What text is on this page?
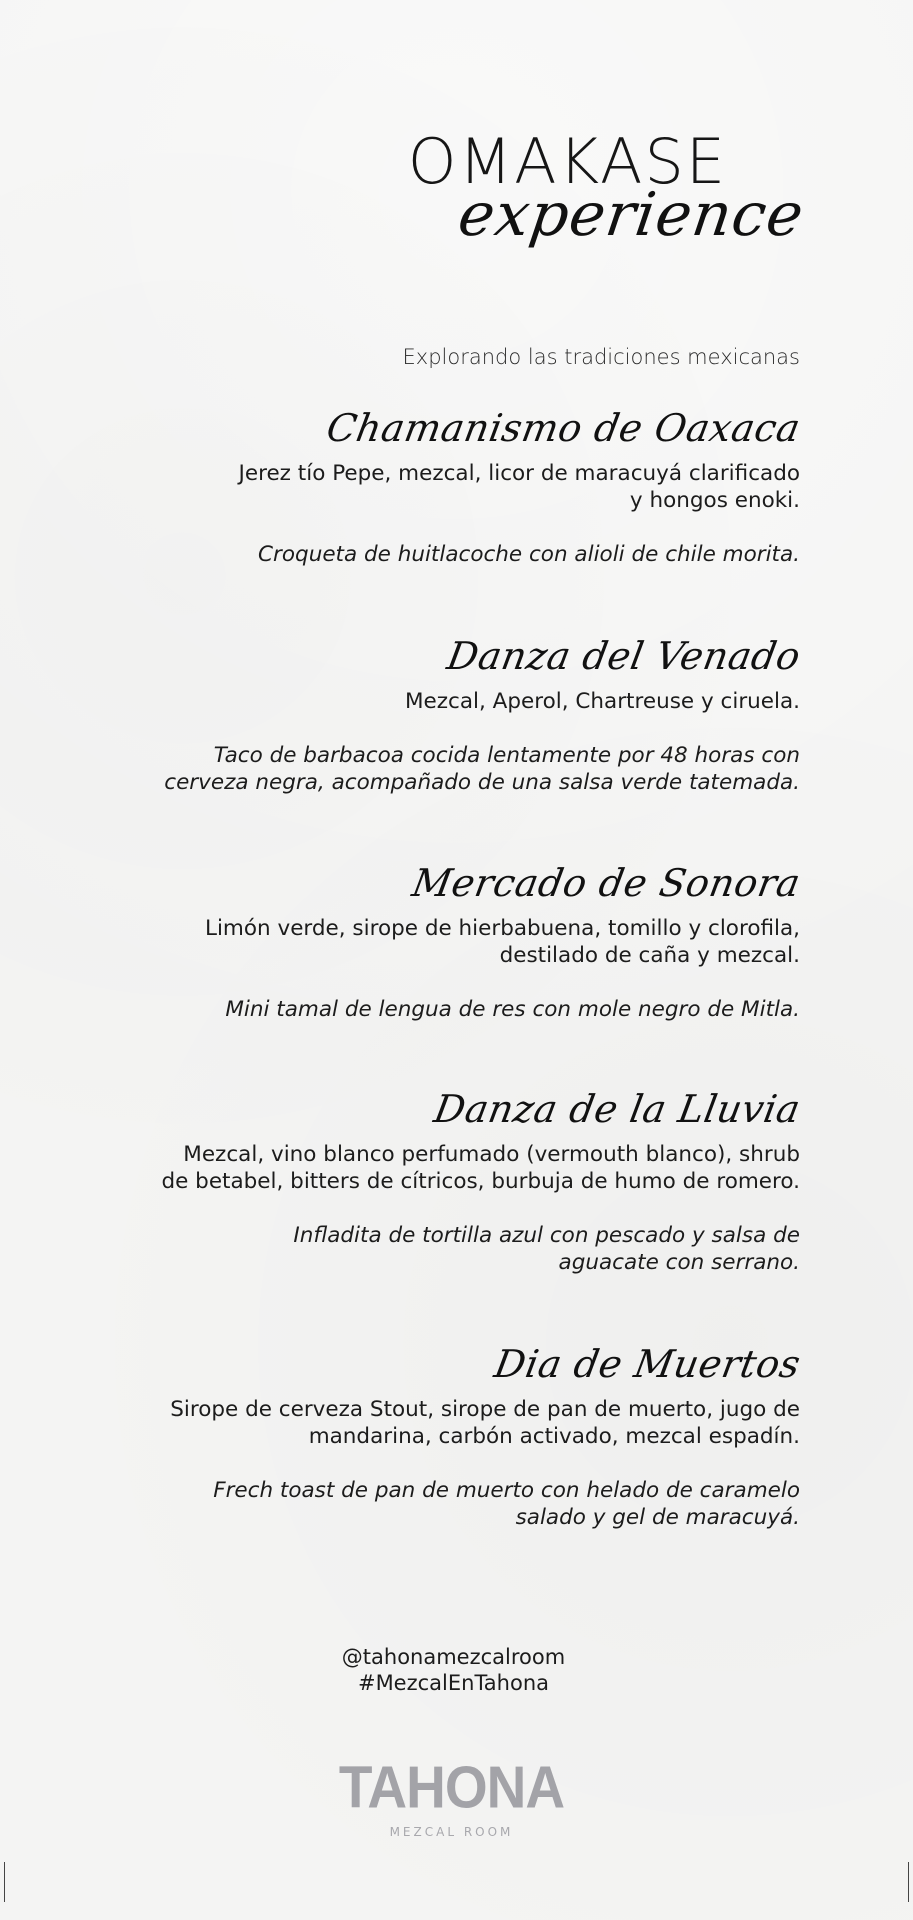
OMAKASE
experience
Explorando las tradiciones mexicanas
Chamanismo de Oaxaca
Jerez tío Pepe, mezcal, licor de maracuyá clarificado
y hongos enoki.
Croqueta de huitlacoche con alioli de chile morita.
Danza del Venado
Mezcal, Aperol, Chartreuse y ciruela.
Taco de barbacoa cocida lentamente por 48 horas con
cerveza negra, acompañado de una salsa verde tatemada.
Mercado de Sonora
Limón verde, sirope de hierbabuena, tomillo y clorofila,
destilado de caña y mezcal.
Mini tamal de lengua de res con mole negro de Mitla.
Danza de la Lluvia
Mezcal, vino blanco perfumado (vermouth blanco), shrub
de betabel, bitters de cítricos, burbuja de humo de romero.
Infladita de tortilla azul con pescado y salsa de
aguacate con serrano.
Dia de Muertos
Sirope de cerveza Stout, sirope de pan de muerto, jugo de
mandarina, carbón activado, mezcal espadín.
Frech toast de pan de muerto con helado de caramelo
salado y gel de maracuyá.
@tahonamezcalroom
#MezcalEnTahona
TAHONA
MEZCAL ROOM
